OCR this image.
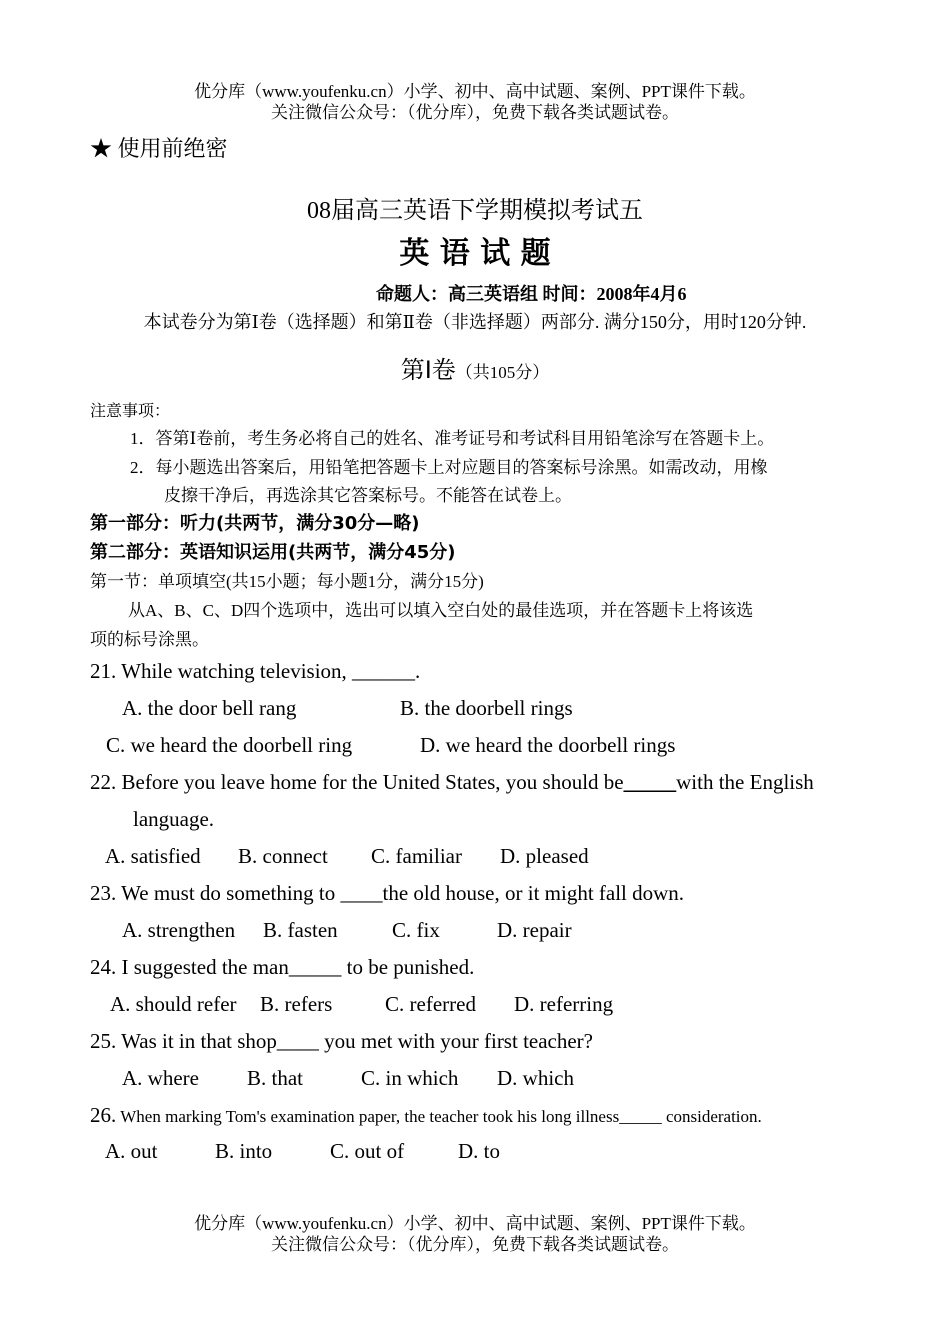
优分库（www.youfenku.cn）小学、初中、高中试题、案例、PPT课件下载。
关注微信公众号：（优分库），免费下载各类试题试卷。
★ 使用前绝密
08届高三英语下学期模拟考试五
英 语 试 题
命题人：高三英语组 时间：2008年4月6
本试卷分为第Ⅰ卷（选择题）和第Ⅱ卷（非选择题）两部分. 满分150分，用时120分钟.
第Ⅰ卷（共105分）
注意事项：
1．答第Ⅰ卷前，考生务必将自己的姓名、准考证号和考试科目用铅笔涂写在答题卡上。
2．每小题选出答案后，用铅笔把答题卡上对应题目的答案标号涂黑。如需改动，用橡
皮擦干净后，再选涂其它答案标号。不能答在试卷上。
第一部分：听力(共两节，满分30分—略)
第二部分：英语知识运用(共两节，满分45分)
第一节：单项填空(共15小题；每小题1分，满分15分)
从A、B、C、D四个选项中，选出可以填入空白处的最佳选项，并在答题卡上将该选
项的标号涂黑。
21. While watching television, ______.
A. the door bell rang	B. the doorbell rings
C. we heard the doorbell ring	D. we heard the doorbell rings
22. Before you leave home for the United States, you should be_____with the English
language.
A. satisfied B. connect C. familiar D. pleased
23. We must do something to ____the old house, or it might fall down.
A. strengthen B. fasten	C. fix	D. repair
24. I suggested the man_____ to be punished.
A. should refer B. refers	C. referred D. referring
25. Was it in that shop____ you met with your first teacher?
A. where B. that	C. in which D. which
26. When marking Tom's examination paper, the teacher took his long illness_____ consideration.
A. out	B. into	C. out of	D. to
优分库（www.youfenku.cn）小学、初中、高中试题、案例、PPT课件下载。
关注微信公众号：（优分库），免费下载各类试题试卷。
